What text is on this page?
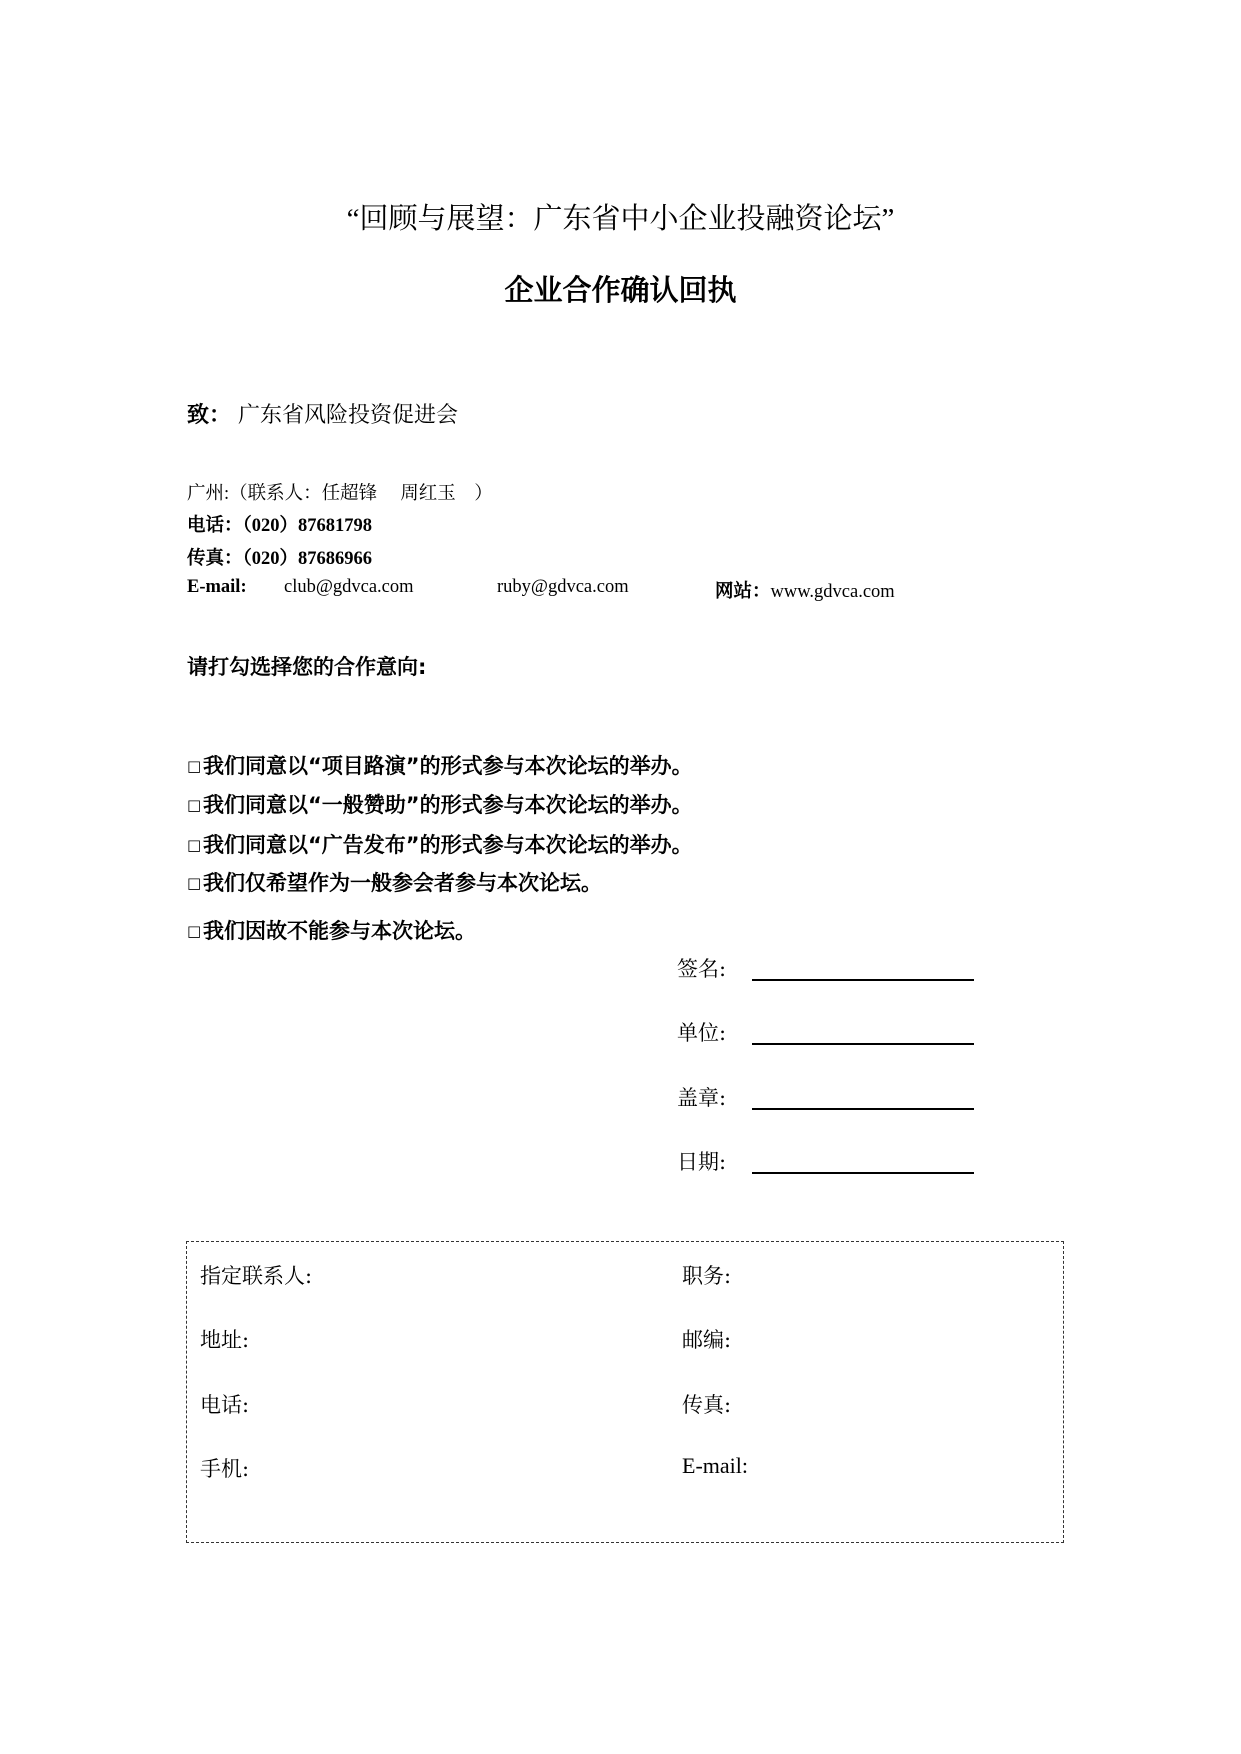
“回顾与展望：广东省中小企业投融资论坛”
企业合作确认回执
致： 广东省风险投资促进会
广州:（联系人：任超锋　 周红玉　）
电话：（020）87681798
传真：（020）87686966
E-mail: club@gdvca.com	ruby@gdvca.com	网站：www.gdvca.com
请打勾选择您的合作意向:
□我们同意以“项目路演”的形式参与本次论坛的举办。
□我们同意以“一般赞助”的形式参与本次论坛的举办。
□我们同意以“广告发布”的形式参与本次论坛的举办。
□我们仅希望作为一般参会者参与本次论坛。
□我们因故不能参与本次论坛。
签名:
单位:
盖章:
日期:
指定联系人:	职务:
地址:	邮编:
电话:	传真:
手机:	E-mail:
